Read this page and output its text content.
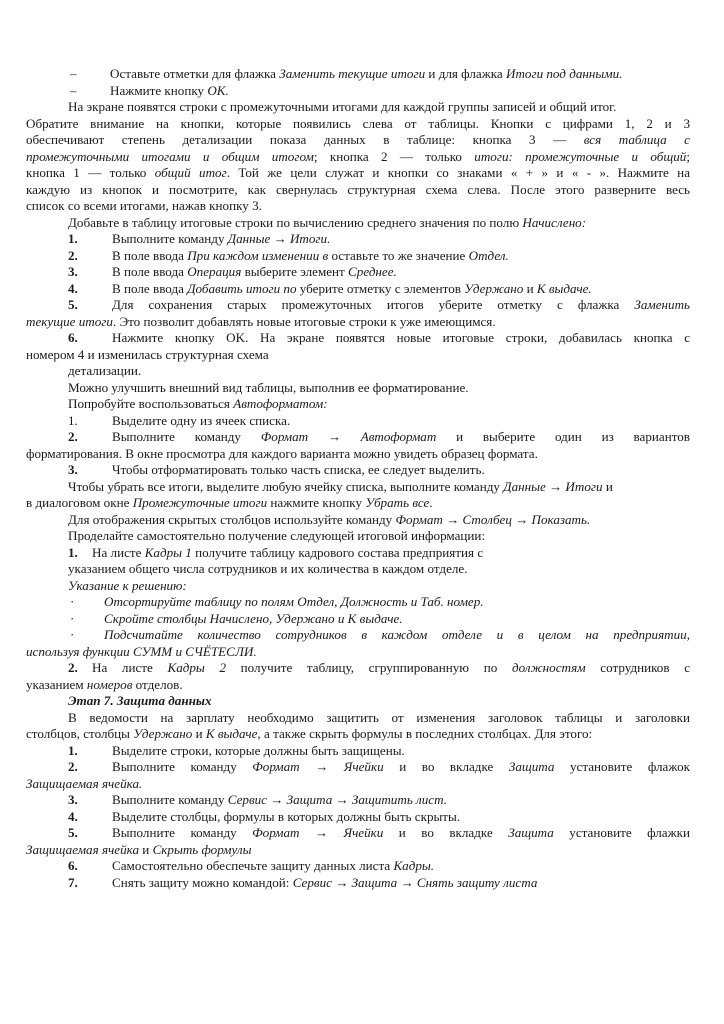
–	Оставьте отметки для флажка Заменить текущие итоги и для флажка Итоги под данными.
–	Нажмите кнопку OK.
На экране появятся строки с промежуточными итогами для каждой группы записей и общий итог.
Обратите внимание на кнопки, которые появились слева от таблицы. Кнопки с цифрами 1, 2 и 3
обеспечивают степень детализации показа данных в таблице: кнопка 3 — вся таблица с
промежуточными итогами и общим итогом; кнопка 2 — только итоги: промежуточные и общий;
кнопка 1 — только общий итог. Той же цели служат и кнопки со знаками « + » и « - ». Нажмите на
каждую из кнопок и посмотрите, как свернулась структурная схема слева. После этого разверните весь
список со всеми итогами, нажав кнопку 3.
Добавьте в таблицу итоговые строки по вычислению среднего значения по полю Начислено:
1.	Выполните команду Данные → Итоги.
2.	В поле ввода При каждом изменении в оставьте то же значение Отдел.
3.	В поле ввода Операция выберите элемент Среднее.
4.	В поле ввода Добавить итоги по уберите отметку с элементов Удержано и К выдаче.
5.	Для сохранения старых промежуточных итогов уберите отметку с флажка Заменить
текущие итоги. Это позволит добавлять новые итоговые строки к уже имеющимся.
6.	Нажмите кнопку OK. На экране появятся новые итоговые строки, добавилась кнопка с
номером 4 и изменилась структурная схема
детализации.
Можно улучшить внешний вид таблицы, выполнив ее форматирование.
Попробуйте воспользоваться Автоформатом:
1.	Выделите одну из ячеек списка.
2.	Выполните команду Формат → Автоформат и выберите один из вариантов
форматирования. В окне просмотра для каждого варианта можно увидеть образец формата.
3.	Чтобы отформатировать только часть списка, ее следует выделить.
Чтобы убрать все итоги, выделите любую ячейку списка, выполните команду Данные → Итоги и
в диалоговом окне Промежуточные итоги нажмите кнопку Убрать все.
Для отображения скрытых столбцов используйте команду Формат → Столбец → Показать.
Проделайте самостоятельно получение следующей итоговой информации:
1. На листе Кадры 1 получите таблицу кадрового состава предприятия с
указанием общего числа сотрудников и их количества в каждом отделе.
Указание к решению:
· Отсортируйте таблицу по полям Отдел, Должность и Таб. номер.
· Скройте столбцы Начислено, Удержано и К выдаче.
· Подсчитайте количество сотрудников в каждом отделе и в целом на предприятии,
используя функции СУММ и СЧЁТЕСЛИ.
2. На листе Кадры 2 получите таблицу, сгруппированную по должностям сотрудников с
указанием номеров отделов.
Этап 7. Защита данных
В ведомости на зарплату необходимо защитить от изменения заголовок таблицы и заголовки
столбцов, столбцы Удержано и К выдаче, а также скрыть формулы в последних столбцах. Для этого:
1.	Выделите строки, которые должны быть защищены.
2.	Выполните команду Формат → Ячейки и во вкладке Защита установите флажок
Защищаемая ячейка.
3.	Выполните команду Сервис → Защита → Защитить лист.
4.	Выделите столбцы, формулы в которых должны быть скрыты.
5.	Выполните команду Формат → Ячейки и во вкладке Защита установите флажки
Защищаемая ячейка и Скрыть формулы
6.	Самостоятельно обеспечьте защиту данных листа Кадры.
7.	Снять защиту можно командой: Сервис → Защита → Снять защиту листа
